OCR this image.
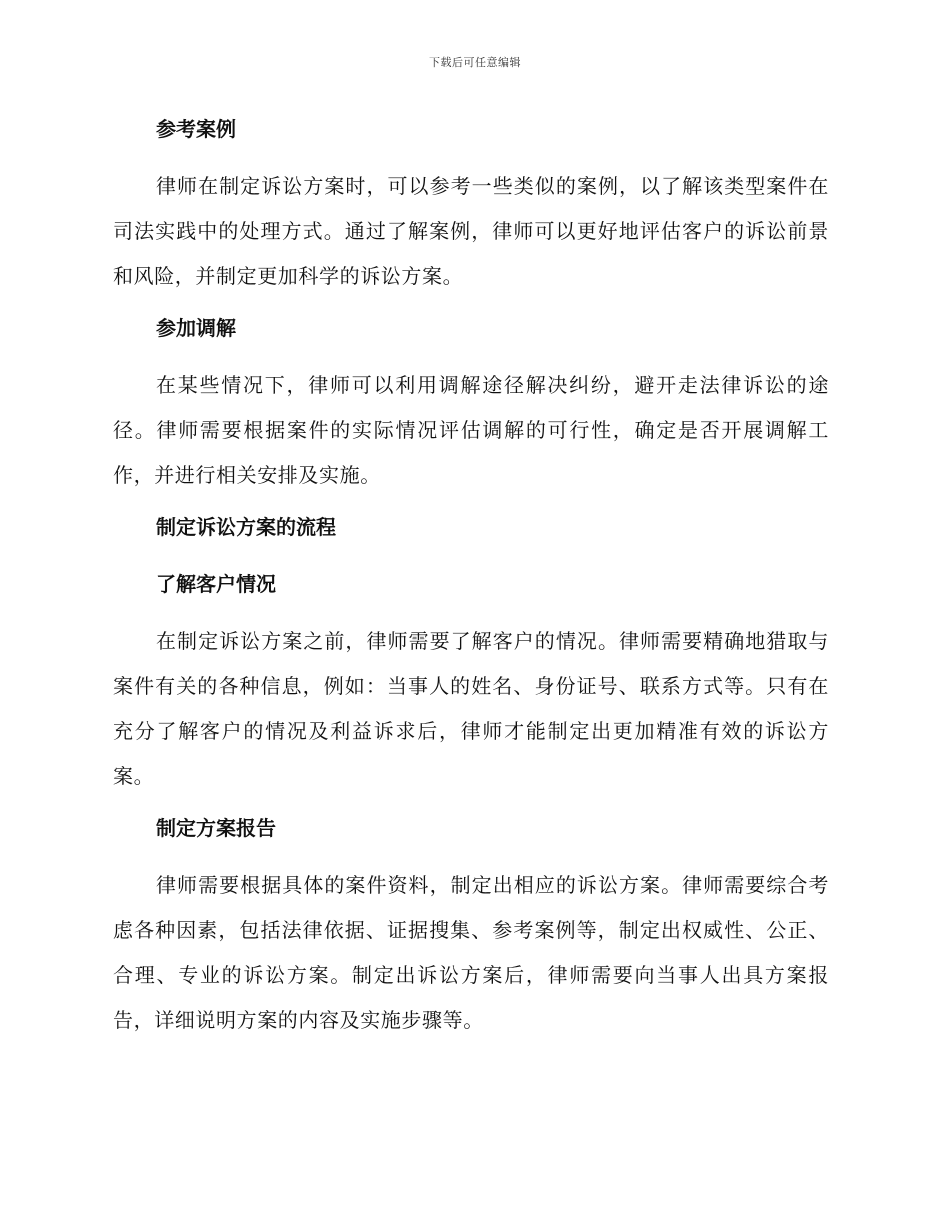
下载后可任意编辑
参考案例

律师在制定诉讼方案时，可以参考一些类似的案例，以了解该类型案件在司法实践中的处理方式。通过了解案例，律师可以更好地评估客户的诉讼前景和风险，并制定更加科学的诉讼方案。

参加调解

在某些情况下，律师可以利用调解途径解决纠纷，避开走法律诉讼的途径。律师需要根据案件的实际情况评估调解的可行性，确定是否开展调解工作，并进行相关安排及实施。

制定诉讼方案的流程
了解客户情况

在制定诉讼方案之前，律师需要了解客户的情况。律师需要精确地猎取与案件有关的各种信息，例如：当事人的姓名、身份证号、联系方式等。只有在充分了解客户的情况及利益诉求后，律师才能制定出更加精准有效的诉讼方案。

制定方案报告

律师需要根据具体的案件资料，制定出相应的诉讼方案。律师需要综合考虑各种因素，包括法律依据、证据搜集、参考案例等，制定出权威性、公正、合理、专业的诉讼方案。制定出诉讼方案后，律师需要向当事人出具方案报告，详细说明方案的内容及实施步骤等。
